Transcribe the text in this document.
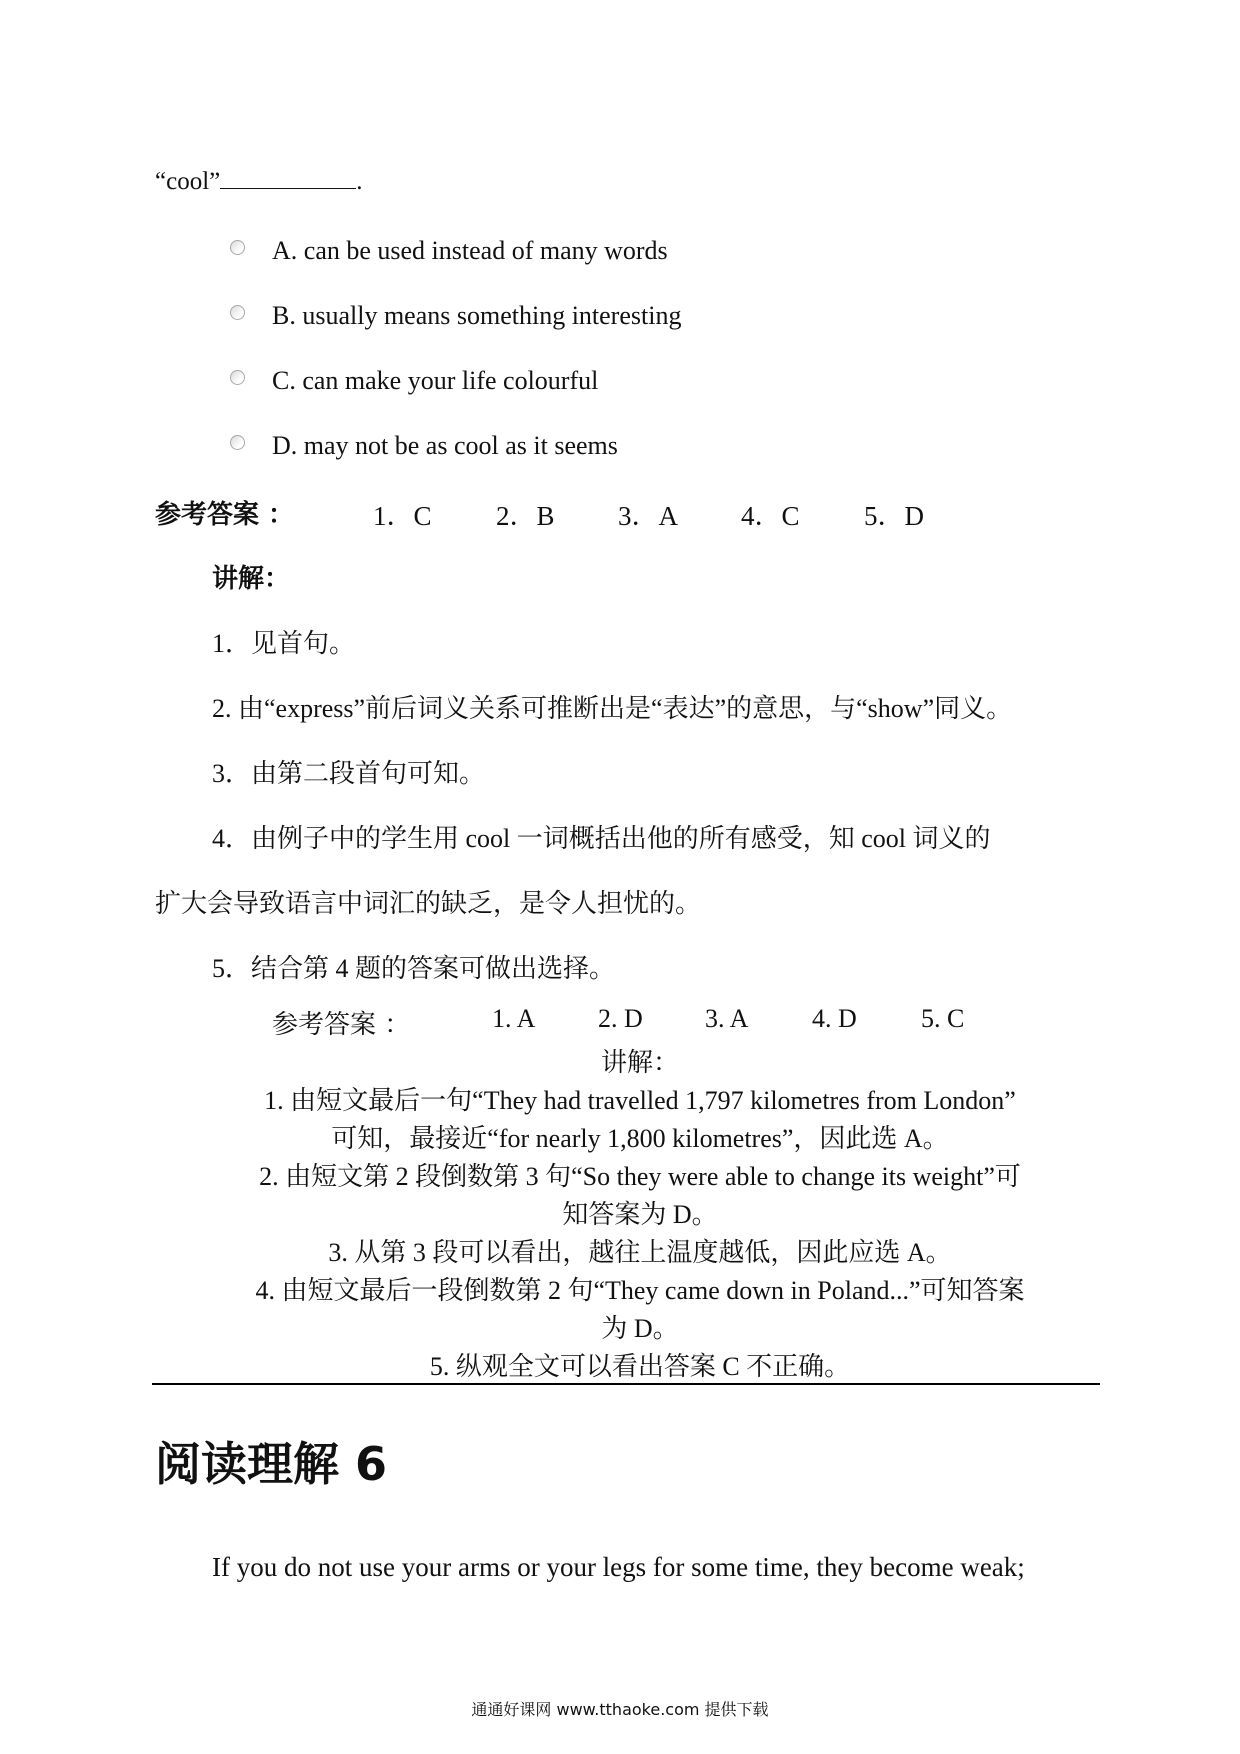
“cool”	.
A. can be used instead of many words
B. usually means something interesting
C. can make your life colourful
D. may not be as cool as it seems
参考答案 ：	1．C 2．B 3．A 4．C 5．D
讲解：
1．见首句。
2. 由“express”前后词义关系可推断出是“表达”的意思，与“show”同义。
3．由第二段首句可知。
4．由例子中的学生用 cool 一词概括出他的所有感受，知 cool 词义的
扩大会导致语言中词汇的缺乏，是令人担忧的。
5．结合第 4 题的答案可做出选择。
参考答案 ：	1. A 2. D 3. A 4. D 5. C
讲解：
1. 由短文最后一句“They had travelled 1,797 kilometres from London”
可知，最接近“for nearly 1,800 kilometres”，因此选 A。
2. 由短文第 2 段倒数第 3 句“So they were able to change its weight”可
知答案为 D。
3. 从第 3 段可以看出，越往上温度越低，因此应选 A。
4. 由短文最后一段倒数第 2 句“They came down in Poland...”可知答案
为 D。
5. 纵观全文可以看出答案 C 不正确。
阅读理解 6
If you do not use your arms or your legs for some time, they become weak;
通通好课网 www.tthaoke.com 提供下载
